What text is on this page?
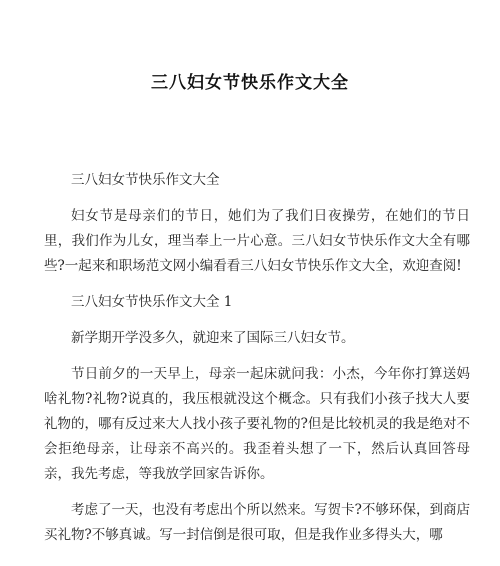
三八妇女节快乐作文大全

三八妇女节快乐作文大全

妇女节是母亲们的节日，她们为了我们日夜操劳，在她们的节日里，我们作为儿女，理当奉上一片心意。三八妇女节快乐作文大全有哪些?一起来和职场范文网小编看看三八妇女节快乐作文大全，欢迎查阅!

三八妇女节快乐作文大全 1

新学期开学没多久，就迎来了国际三八妇女节。

节日前夕的一天早上，母亲一起床就问我：小杰，今年你打算送妈啥礼物?礼物?说真的，我压根就没这个概念。只有我们小孩子找大人要礼物的，哪有反过来大人找小孩子要礼物的?但是比较机灵的我是绝对不会拒绝母亲，让母亲不高兴的。我歪着头想了一下，然后认真回答母亲，我先考虑，等我放学回家告诉你。

考虑了一天，也没有考虑出个所以然来。写贺卡?不够环保，到商店买礼物?不够真诚。写一封信倒是很可取，但是我作业多得头大，哪
